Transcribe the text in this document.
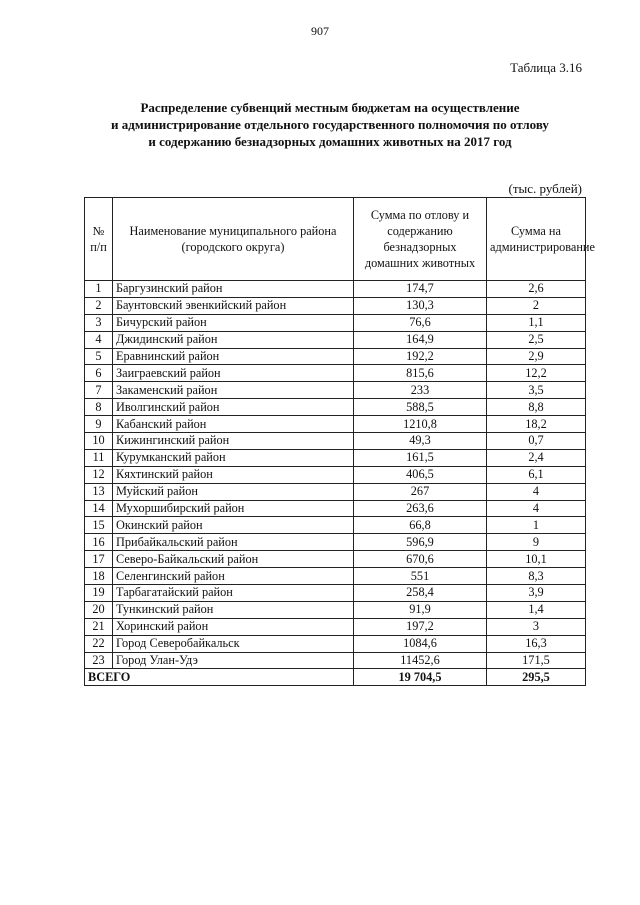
907
Таблица 3.16
Распределение субвенций местным бюджетам на осуществление
и администрирование отдельного государственного полномочия по отлову
и содержанию безнадзорных домашних животных на 2017 год
(тыс. рублей)
№ п/п	Наименование муниципального района (городского округа)	Сумма по отлову и содержанию безнадзорных домашних животных	Сумма на администрирование
1	Баргузинский район	174,7	2,6
2	Баунтовский эвенкийский район	130,3	2
3	Бичурский район	76,6	1,1
4	Джидинский район	164,9	2,5
5	Еравнинский район	192,2	2,9
6	Заиграевский район	815,6	12,2
7	Закаменский район	233	3,5
8	Иволгинский район	588,5	8,8
9	Кабанский район	1210,8	18,2
10	Кижингинский район	49,3	0,7
11	Курумканский район	161,5	2,4
12	Кяхтинский район	406,5	6,1
13	Муйский район	267	4
14	Мухоршибирский район	263,6	4
15	Окинский район	66,8	1
16	Прибайкальский район	596,9	9
17	Северо-Байкальский район	670,6	10,1
18	Селенгинский район	551	8,3
19	Тарбагатайский район	258,4	3,9
20	Тункинский район	91,9	1,4
21	Хоринский район	197,2	3
22	Город Северобайкальск	1084,6	16,3
23	Город Улан-Удэ	11452,6	171,5
ВСЕГО		19 704,5	295,5
